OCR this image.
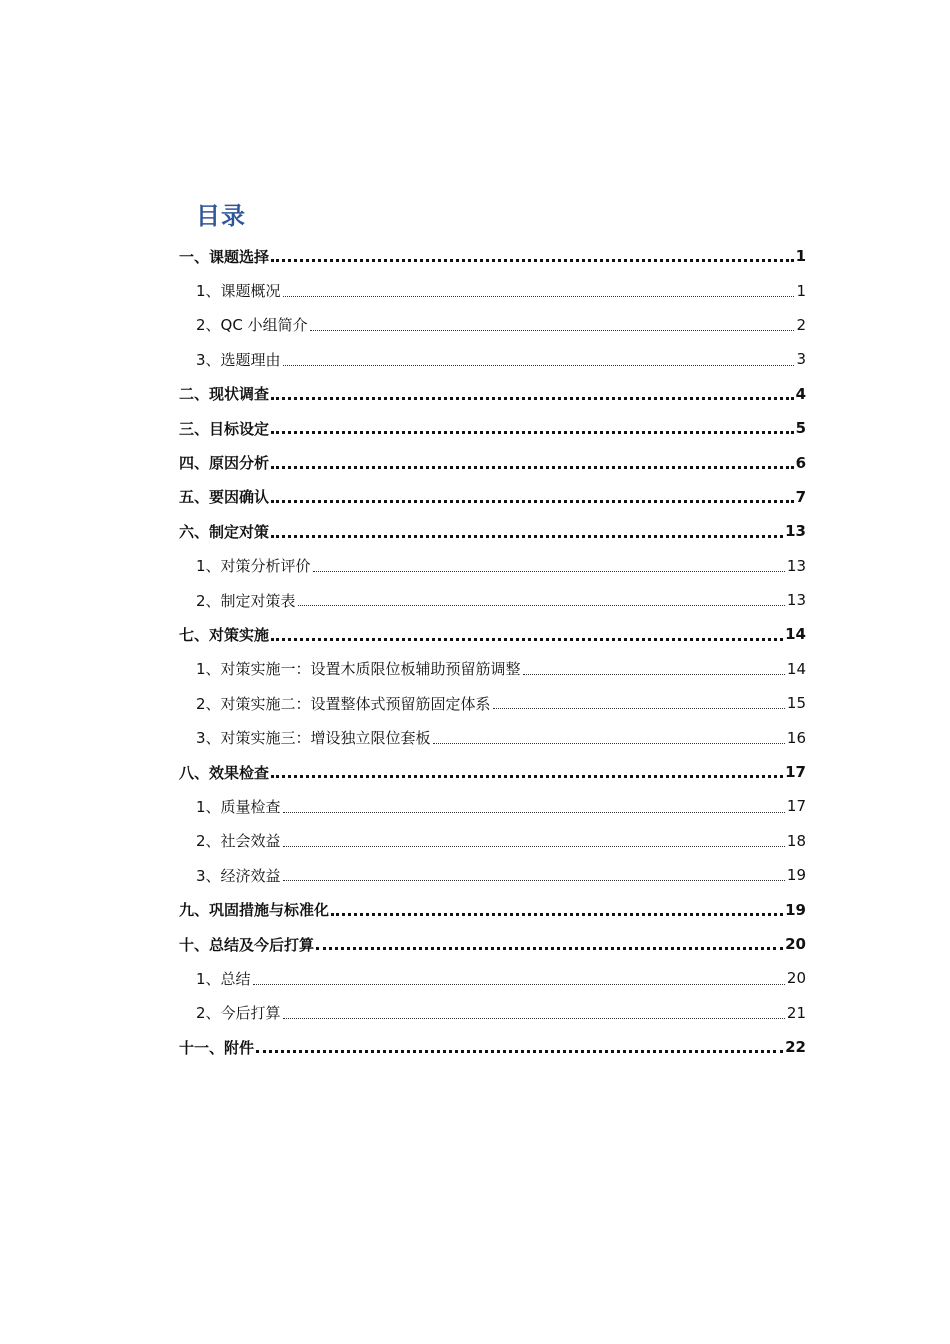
目录
一、课题选择	1
1、课题概况	1
2、QC 小组简介	2
3、选题理由	3
二、现状调查	4
三、目标设定	5
四、原因分析	6
五、要因确认	7
六、制定对策	13
1、对策分析评价	13
2、制定对策表	13
七、对策实施	14
1、对策实施一：设置木质限位板辅助预留筋调整	14
2、对策实施二：设置整体式预留筋固定体系	15
3、对策实施三：增设独立限位套板	16
八、效果检查	17
1、质量检查	17
2、社会效益	18
3、经济效益	19
九、巩固措施与标准化	19
十、总结及今后打算	20
1、总结	20
2、今后打算	21
十一、附件	22
